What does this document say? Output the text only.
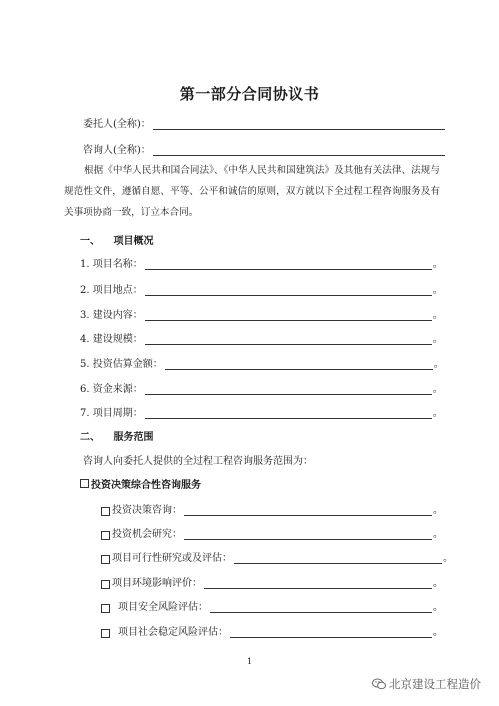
第一部分合同协议书
委托人(全称)：
咨询人(全称)：
根据《中华人民共和国合同法》、《中华人民共和国建筑法》及其他有关法律、法规与规范性文件，遵循自愿、平等、公平和诚信的原则，双方就以下全过程工程咨询服务及有关事项协商一致，订立本合同。
一、 项目概况
1. 项目名称：	。
2. 项目地点：	。
3. 建设内容：	。
4. 建设规模：	。
5. 投资估算金额：	。
6. 资金来源：	。
7. 项目周期：	。
二、 服务范围
咨询人向委托人提供的全过程工程咨询服务范围为：
投资决策综合性咨询服务
投资决策咨询：	。
投资机会研究：	。
项目可行性研究或及评估：	。
项目环境影响评价：	。
项目安全风险评估：	。
项目社会稳定风险评估：	。
1
北京建设工程造价
